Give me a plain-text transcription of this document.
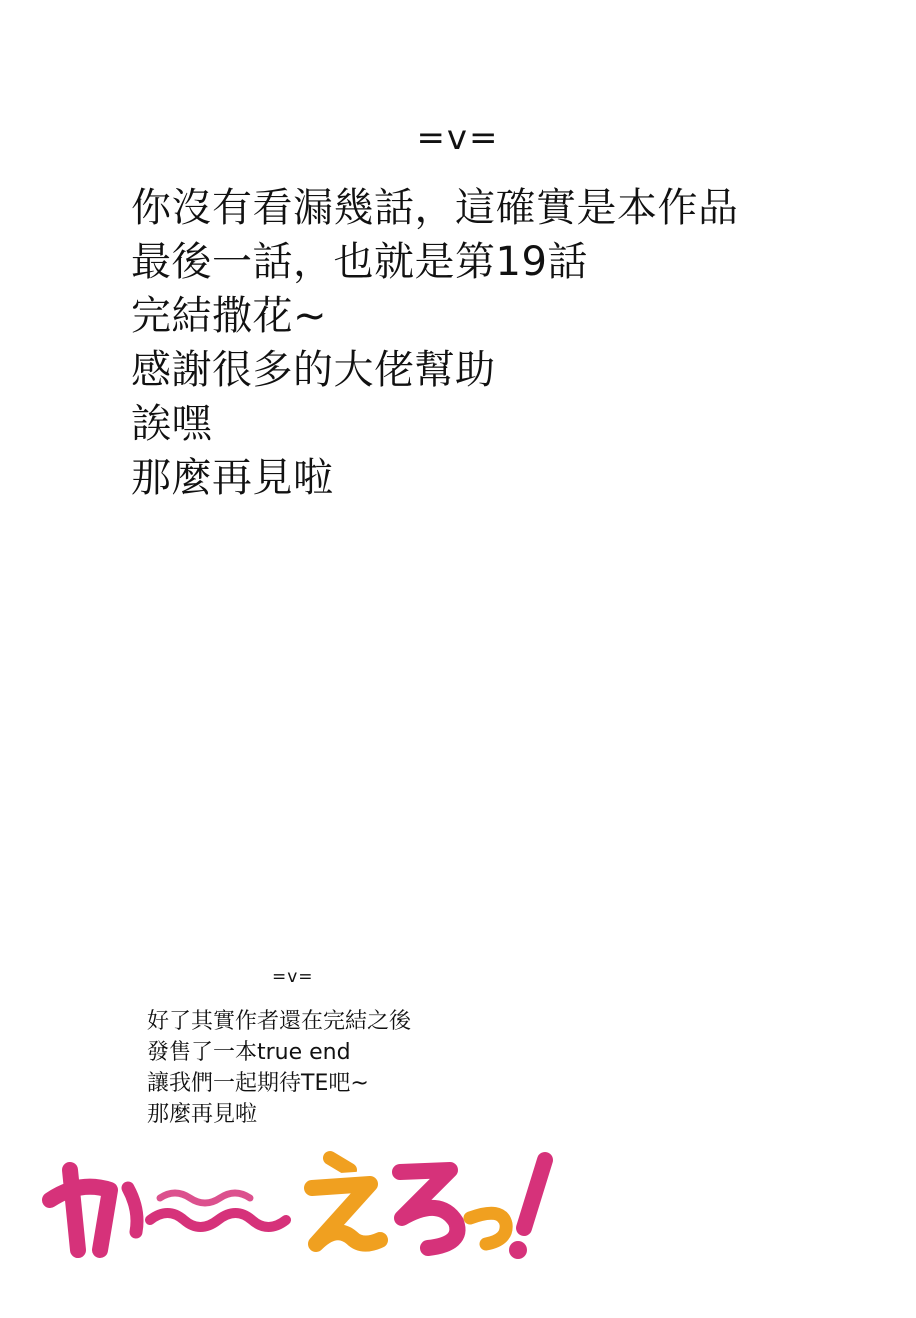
=v=
你沒有看漏幾話，這確實是本作品
最後一話，也就是第19話
完結撒花~
感謝很多的大佬幫助
誒嘿
那麼再見啦
=v=
好了其實作者還在完結之後
發售了一本true end
讓我們一起期待TE吧~
那麼再見啦
